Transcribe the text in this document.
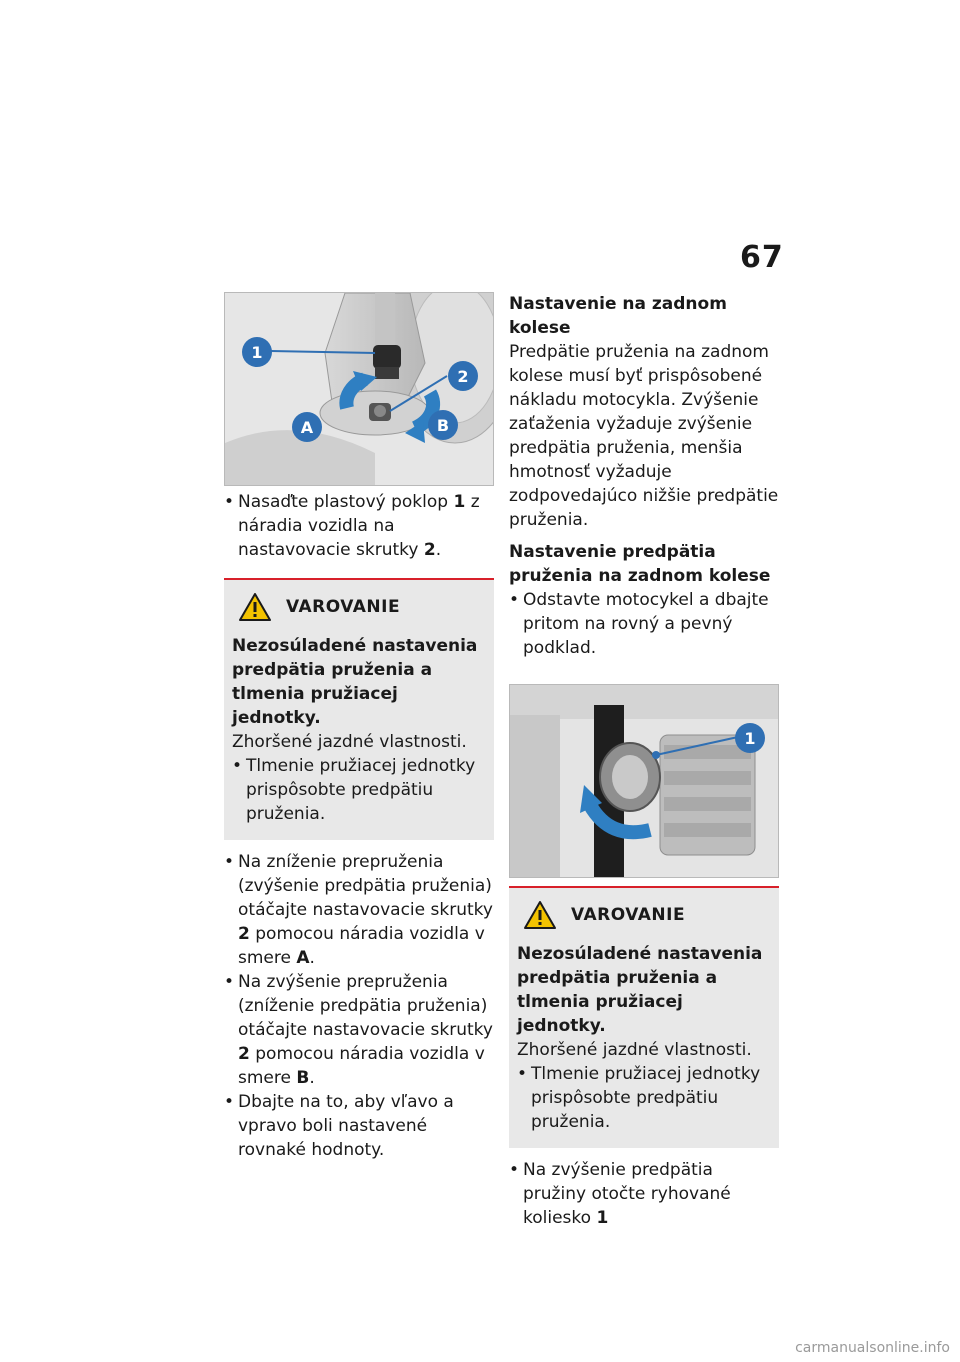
67
1
2
A	B
• Nasaďte plastový poklop 1 z náradia vozidla na nastavovacie skrutky 2.
VAROVANIE
Nezosúladené nastavenia predpätia pruženia a tlmenia pružiacej jednotky.
Zhoršené jazdné vlastnosti.
• Tlmenie pružiacej jednotky prispôsobte predpätiu pruženia.
• Na zníženie prepruženia (zvýšenie predpätia pruženia) otáčajte nastavovacie skrutky 2 pomocou náradia vozidla v smere A.
• Na zvýšenie prepruženia (zníženie predpätia pruženia) otáčajte nastavovacie skrutky 2 pomocou náradia vozidla v smere B.
• Dbajte na to, aby vľavo a vpravo boli nastavené rovnaké hodnoty.
Nastavenie na zadnom kolese
Predpätie pruženia na zadnom kolese musí byť prispôsobené nákladu motocykla. Zvýšenie zaťaženia vyžaduje zvýšenie predpätia pruženia, menšia hmotnosť vyžaduje zodpovedajúco nižšie predpätie pruženia.
Nastavenie predpätia pruženia na zadnom kolese
• Odstavte motocykel a dbajte pritom na rovný a pevný podklad.
1
VAROVANIE
Nezosúladené nastavenia predpätia pruženia a tlmenia pružiacej jednotky.
Zhoršené jazdné vlastnosti.
• Tlmenie pružiacej jednotky prispôsobte predpätiu pruženia.
• Na zvýšenie predpätia pružiny otočte ryhované koliesko 1
carmanualsonline.info
